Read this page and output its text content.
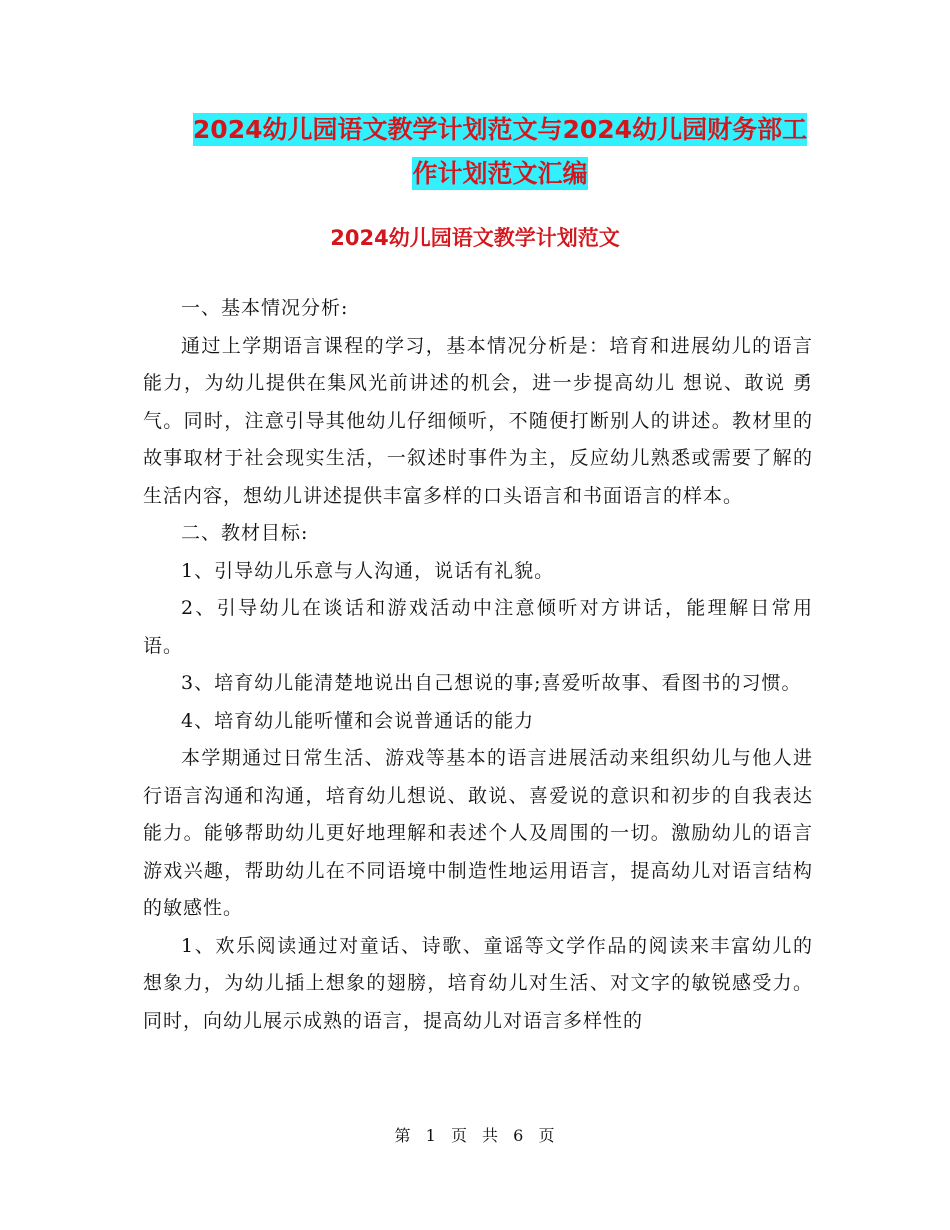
2024幼儿园语文教学计划范文与2024幼儿园财务部工
作计划范文汇编
2024幼儿园语文教学计划范文

一、基本情况分析:

通过上学期语言课程的学习，基本情况分析是：培育和进展幼儿的语言能力，为幼儿提供在集风光前讲述的机会，进一步提高幼儿 想说、敢说 勇气。同时，注意引导其他幼儿仔细倾听，不随便打断别人的讲述。教材里的故事取材于社会现实生活，一叙述时事件为主，反应幼儿熟悉或需要了解的生活内容，想幼儿讲述提供丰富多样的口头语言和书面语言的样本。

二、教材目标:

1、引导幼儿乐意与人沟通，说话有礼貌。

2、引导幼儿在谈话和游戏活动中注意倾听对方讲话，能理解日常用语。

3、培育幼儿能清楚地说出自己想说的事;喜爱听故事、看图书的习惯。

4、培育幼儿能听懂和会说普通话的能力

本学期通过日常生活、游戏等基本的语言进展活动来组织幼儿与他人进行语言沟通和沟通，培育幼儿想说、敢说、喜爱说的意识和初步的自我表达能力。能够帮助幼儿更好地理解和表述个人及周围的一切。激励幼儿的语言游戏兴趣，帮助幼儿在不同语境中制造性地运用语言，提高幼儿对语言结构的敏感性。

1、欢乐阅读通过对童话、诗歌、童谣等文学作品的阅读来丰富幼儿的想象力，为幼儿插上想象的翅膀，培育幼儿对生活、对文字的敏锐感受力。同时，向幼儿展示成熟的语言，提高幼儿对语言多样性的

第 1 页 共 6 页
